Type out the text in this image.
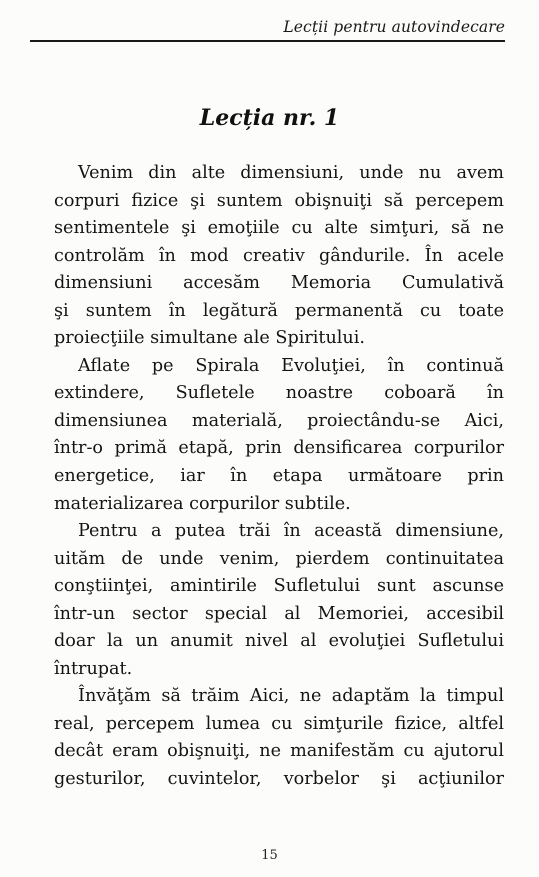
Lecții pentru autovindecare
Lecția nr. 1

Venim din alte dimensiuni, unde nu avem
corpuri fizice şi suntem obişnuiţi să percepem
sentimentele şi emoţiile cu alte simţuri, să ne
controlăm în mod creativ gândurile. În acele
dimensiuni accesăm Memoria Cumulativă
şi suntem în legătură permanentă cu toate
proiecţiile simultane ale Spiritului.

Aflate pe Spirala Evoluţiei, în continuă
extindere, Sufletele noastre coboară în
dimensiunea materială, proiectându-se Aici,
într-o primă etapă, prin densificarea corpurilor
energetice, iar în etapa următoare prin
materializarea corpurilor subtile.

Pentru a putea trăi în această dimensiune,
uităm de unde venim, pierdem continuitatea
conştiinţei, amintirile Sufletului sunt ascunse
într-un sector special al Memoriei, accesibil
doar la un anumit nivel al evoluţiei Sufletului
întrupat.

Învăţăm să trăim Aici, ne adaptăm la timpul
real, percepem lumea cu simţurile fizice, altfel
decât eram obişnuiţi, ne manifestăm cu ajutorul
gesturilor, cuvintelor, vorbelor şi acţiunilor

15
